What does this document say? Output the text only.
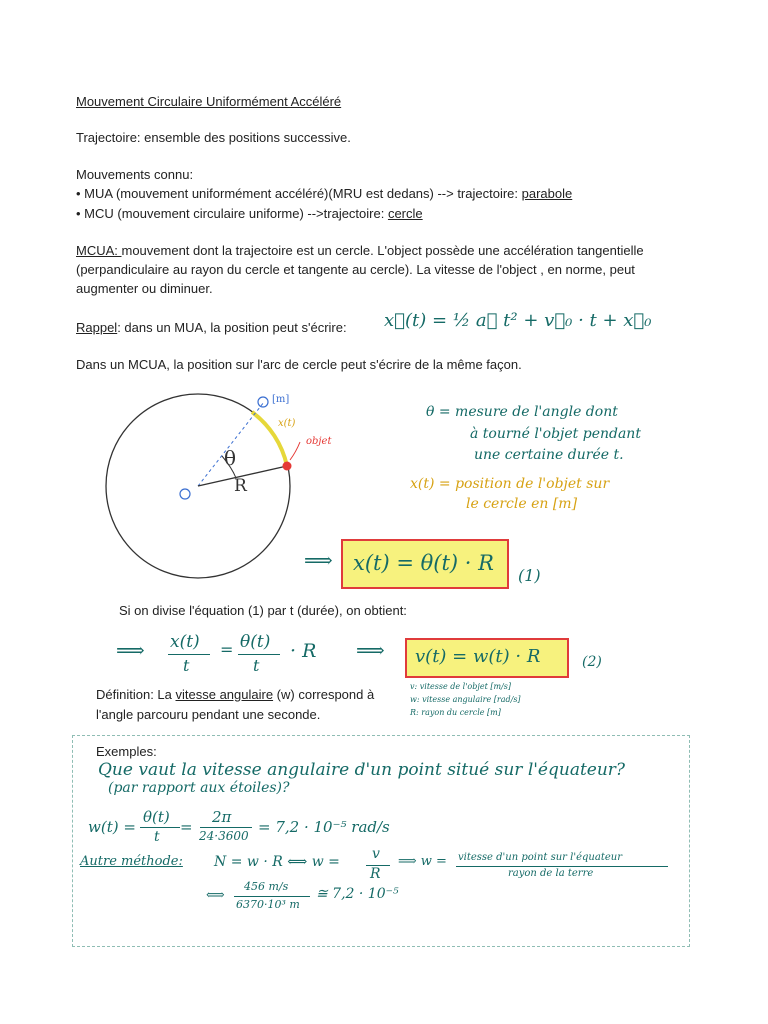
Mouvement Circulaire Uniformément Accéléré
Trajectoire: ensemble des positions successive.
Mouvements connu:
• MUA (mouvement uniformément accéléré)(MRU est dedans) --> trajectoire: parabole
• MCU (mouvement circulaire uniforme) -->trajectoire: cercle
MCUA: mouvement dont la trajectoire est un cercle. L'object possède une accélération tangentielle
(perpandiculaire au rayon du cercle et tangente au cercle). La vitesse de l'object , en norme, peut
augmenter ou diminuer.
Rappel: dans un MUA, la position peut s'écrire: x⃗(t) = ½ a⃗ t² + v⃗₀ · t + x⃗₀
Dans un MCUA, la position sur l'arc de cercle peut s'écrire de la même façon.
[m]
x(t)
objet
θ
R
θ = mesure de l'angle dont
à tourné l'objet pendant
une certaine durée t.
x(t) = position de l'objet sur
le cercle en [m]
⟹ x(t) = θ(t) · R
(1)
Si on divise l'équation (1) par t (durée), on obtient:
⟹ x(t)
t
= θ(t)
t
· R ⟹ v(t) = w(t) · R	(2)
v: vitesse de l'objet [m/s]
w: vitesse angulaire [rad/s]
R: rayon du cercle [m]
Définition: La vitesse angulaire (w) correspond à
l'angle parcouru pendant une seconde.
Exemples:
Que vaut la vitesse angulaire d'un point situé sur l'équateur?
(par rapport aux étoiles)?
w(t) =
θ(t)
t
=
2π
24·3600 = 7,2 · 10⁻⁵ rad/s
Autre méthode: N = w · R ⟺ w = v
R
⟹ w = vitesse d'un point sur l'équateur
rayon de la terre
⟺
456 m/s
6370·10³ m
≅ 7,2 · 10⁻⁵
